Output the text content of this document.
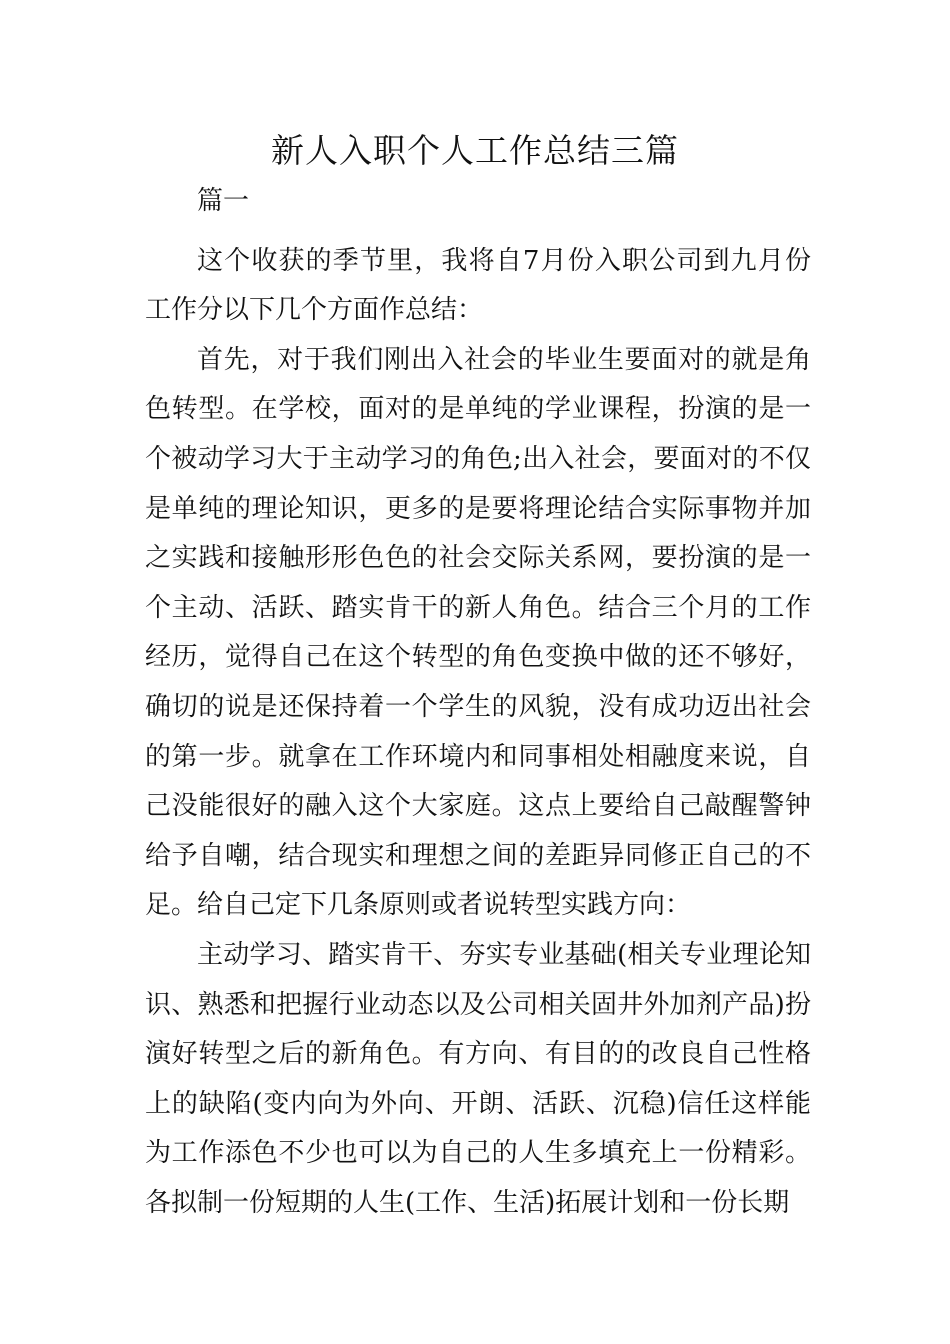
新人入职个人工作总结三篇
篇一

这个收获的季节里，我将自7月份入职公司到九月份工作分以下几个方面作总结：

首先，对于我们刚出入社会的毕业生要面对的就是角色转型。在学校，面对的是单纯的学业课程，扮演的是一个被动学习大于主动学习的角色;出入社会，要面对的不仅是单纯的理论知识，更多的是要将理论结合实际事物并加之实践和接触形形色色的社会交际关系网，要扮演的是一个主动、活跃、踏实肯干的新人角色。结合三个月的工作经历，觉得自己在这个转型的角色变换中做的还不够好，确切的说是还保持着一个学生的风貌，没有成功迈出社会的第一步。就拿在工作环境内和同事相处相融度来说，自己没能很好的融入这个大家庭。这点上要给自己敲醒警钟给予自嘲，结合现实和理想之间的差距异同修正自己的不足。给自己定下几条原则或者说转型实践方向：

主动学习、踏实肯干、夯实专业基础(相关专业理论知识、熟悉和把握行业动态以及公司相关固井外加剂产品)扮演好转型之后的新角色。有方向、有目的的改良自己性格上的缺陷(变内向为外向、开朗、活跃、沉稳)信任这样能为工作添色不少也可以为自己的人生多填充上一份精彩。各拟制一份短期的人生(工作、生活)拓展计划和一份长期
